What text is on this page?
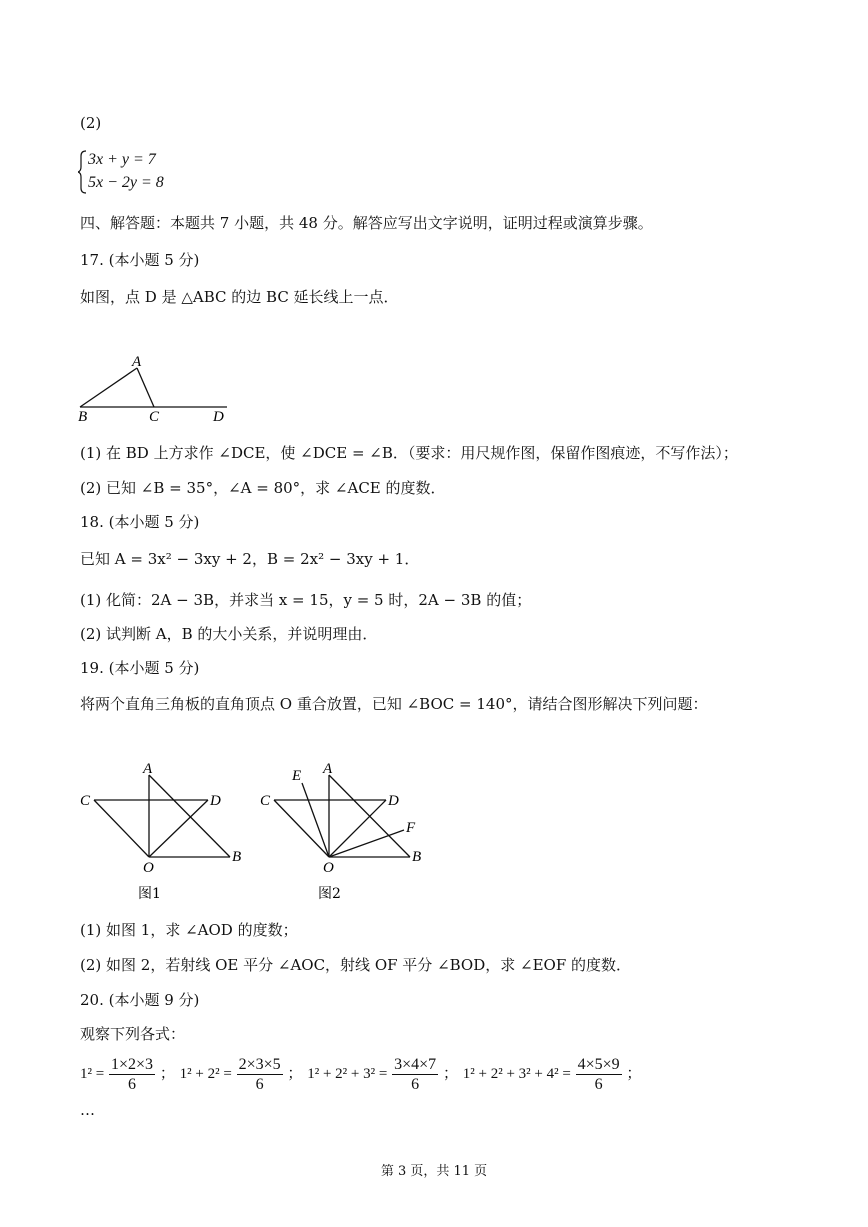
(2)
3x + y = 7
5x − 2y = 8
四、解答题：本题共 7 小题，共 48 分。解答应写出文字说明，证明过程或演算步骤。
17. (本小题 5 分)
如图，点 D 是 △ABC 的边 BC 延长线上一点．
A
B	C	D
(1) 在 BD 上方求作 ∠DCE，使 ∠DCE = ∠B．（要求：用尺规作图，保留作图痕迹，不写作法）；
(2) 已知 ∠B = 35°，∠A = 80°，求 ∠ACE 的度数．
18. (本小题 5 分)
已知 A = 3x² − 3xy + 2，B = 2x² − 3xy + 1．
(1) 化简：2A − 3B，并求当 x = 15，y = 5 时，2A − 3B 的值；
(2) 试判断 A，B 的大小关系，并说明理由．
19. (本小题 5 分)
将两个直角三角板的直角顶点 O 重合放置，已知 ∠BOC = 140°，请结合图形解决下列问题：
A
C	D
O
B
图1
E A
C	D
F
O
B
图2
(1) 如图 1，求 ∠AOD 的度数；
(2) 如图 2，若射线 OE 平分 ∠AOC，射线 OF 平分 ∠BOD，求 ∠EOF 的度数．
20. (本小题 9 分)
观察下列各式：
$1^2 = \frac{1\times 2\times 3}{6}$ ； $1^2 + 2^2 = \frac{2\times 3\times 5}{6}$ ； $1^2 + 2^2 + 3^2 = \frac{3\times 4\times 7}{6}$ ； $1^2 + 2^2 + 3^2 + 4^2 = \frac{4\times 5\times 9}{6}$ ；
…
第 3 页，共 11 页
